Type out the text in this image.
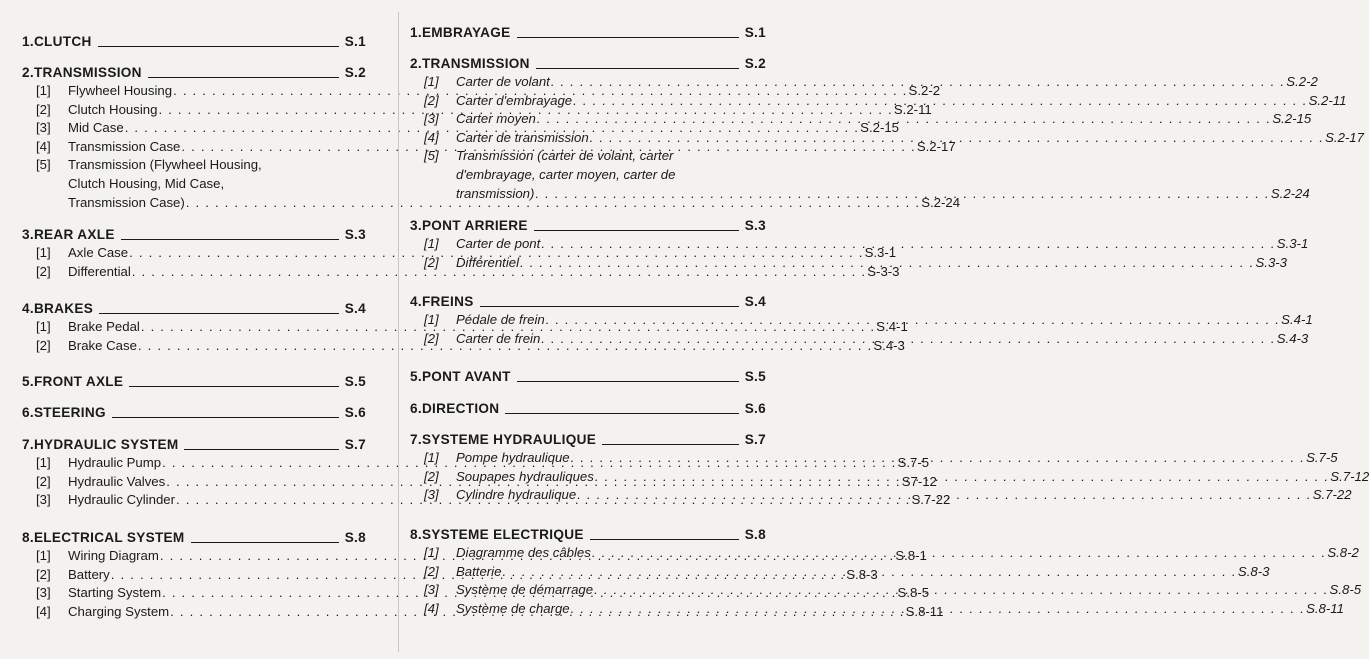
1. CLUTCH	S.1
2. TRANSMISSION	S.2
[1]	Flywheel Housing . . .	S.2-2
[2]	Clutch Housing . . .	S.2-11
[3]	Mid Case . . .	S.2-15
[4]	Transmission Case . . .	S.2-17
[5]	Transmission (Flywheel Housing,
Clutch Housing, Mid Case,
Transmission Case) . . .	S.2-24
3. REAR AXLE	S.3
[1]	Axle Case . . .	S.3-1
[2]	Differential . . .	S-3-3
4. BRAKES	S.4
[1]	Brake Pedal . . .	S.4-1
[2]	Brake Case . . .	S.4-3
5. FRONT AXLE	S.5
6. STEERING	S.6
7. HYDRAULIC SYSTEM	S.7
[1]	Hydraulic Pump . . .	S.7-5
[2]	Hydraulic Valves . . .	S7-12
[3]	Hydraulic Cylinder . . .	S.7-22
8. ELECTRICAL SYSTEM	S.8
[1]	Wiring Diagram . . .	S.8-1
[2]	Battery . . .	S.8-3
[3]	Starting System . . .	S.8-5
[4]	Charging System . . .	S.8-11
1. EMBRAYAGE	S.1
2. TRANSMISSION	S.2
[1]	Carter de volant . . .	S.2-2
[2]	Carter d'embrayage . . .	S.2-11
[3]	Carter moyen . . .	S.2-15
[4]	Carter de transmission . . .	S.2-17
[5]	Transmission (carter de volant, carter
d'embrayage, carter moyen, carter de
transmission) . . .	S.2-24
3. PONT ARRIERE	S.3
[1]	Carter de pont . . .	S.3-1
[2]	Différentiel . . .	S.3-3
4. FREINS	S.4
[1]	Pédale de frein . . .	S.4-1
[2]	Carter de frein . . .	S.4-3
5. PONT AVANT	S.5
6. DIRECTION	S.6
7. SYSTEME HYDRAULIQUE	S.7
[1]	Pompe hydraulique . . .	S.7-5
[2]	Soupapes hydrauliques . . .	S.7-12
[3]	Cylindre hydraulique . . .	S.7-22
8. SYSTEME ELECTRIQUE	S.8
[1]	Diagramme des câbles . . .	S.8-2
[2]	Batterie . . .	S.8-3
[3]	Système de démarrage . . .	S.8-5
[4]	Système de charge . . .	S.8-11
